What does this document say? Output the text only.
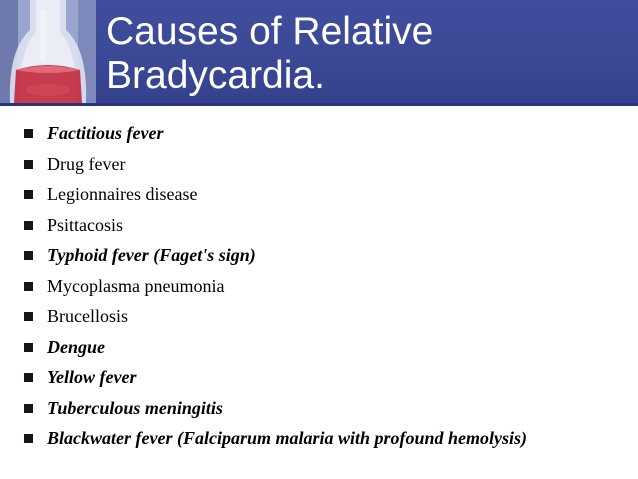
Causes of Relative
Bradycardia.
Factitious fever
Drug fever
Legionnaires disease
Psittacosis
Typhoid fever (Faget's sign)
Mycoplasma pneumonia
Brucellosis
Dengue
Yellow fever
Tuberculous meningitis
Blackwater fever (Falciparum malaria with profound hemolysis)
